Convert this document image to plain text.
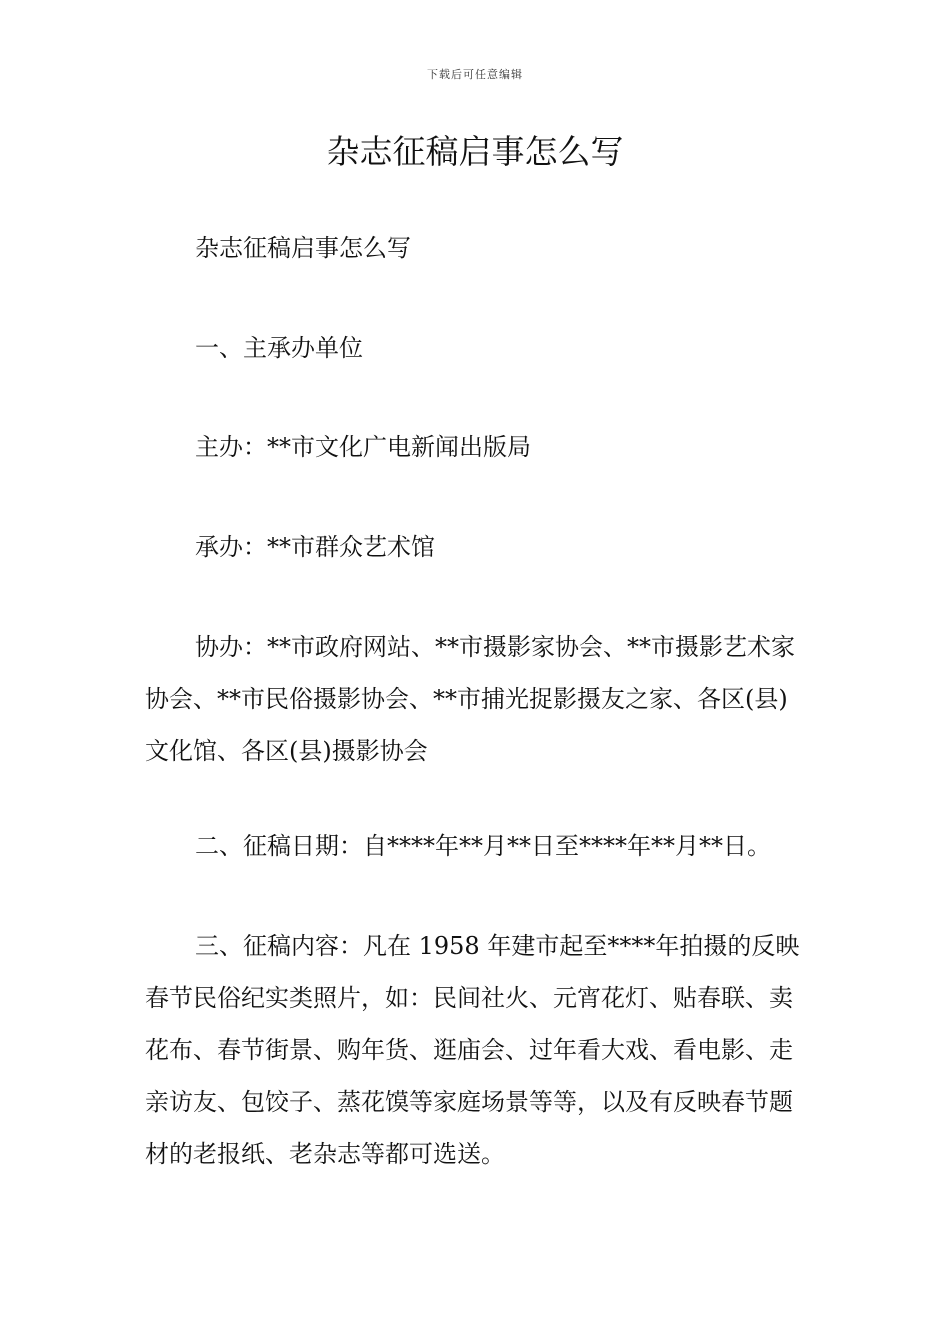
下载后可任意编辑
杂志征稿启事怎么写

杂志征稿启事怎么写

一、主承办单位

主办：**市文化广电新闻出版局

承办：**市群众艺术馆

协办：**市政府网站、**市摄影家协会、**市摄影艺术家协会、**市民俗摄影协会、**市捕光捉影摄友之家、各区(县)文化馆、各区(县)摄影协会

二、征稿日期：自****年**月**日至****年**月**日。

三、征稿内容：凡在 1958 年建市起至****年拍摄的反映春节民俗纪实类照片，如：民间社火、元宵花灯、贴春联、卖花布、春节街景、购年货、逛庙会、过年看大戏、看电影、走亲访友、包饺子、蒸花馍等家庭场景等等，以及有反映春节题材的老报纸、老杂志等都可选送。
